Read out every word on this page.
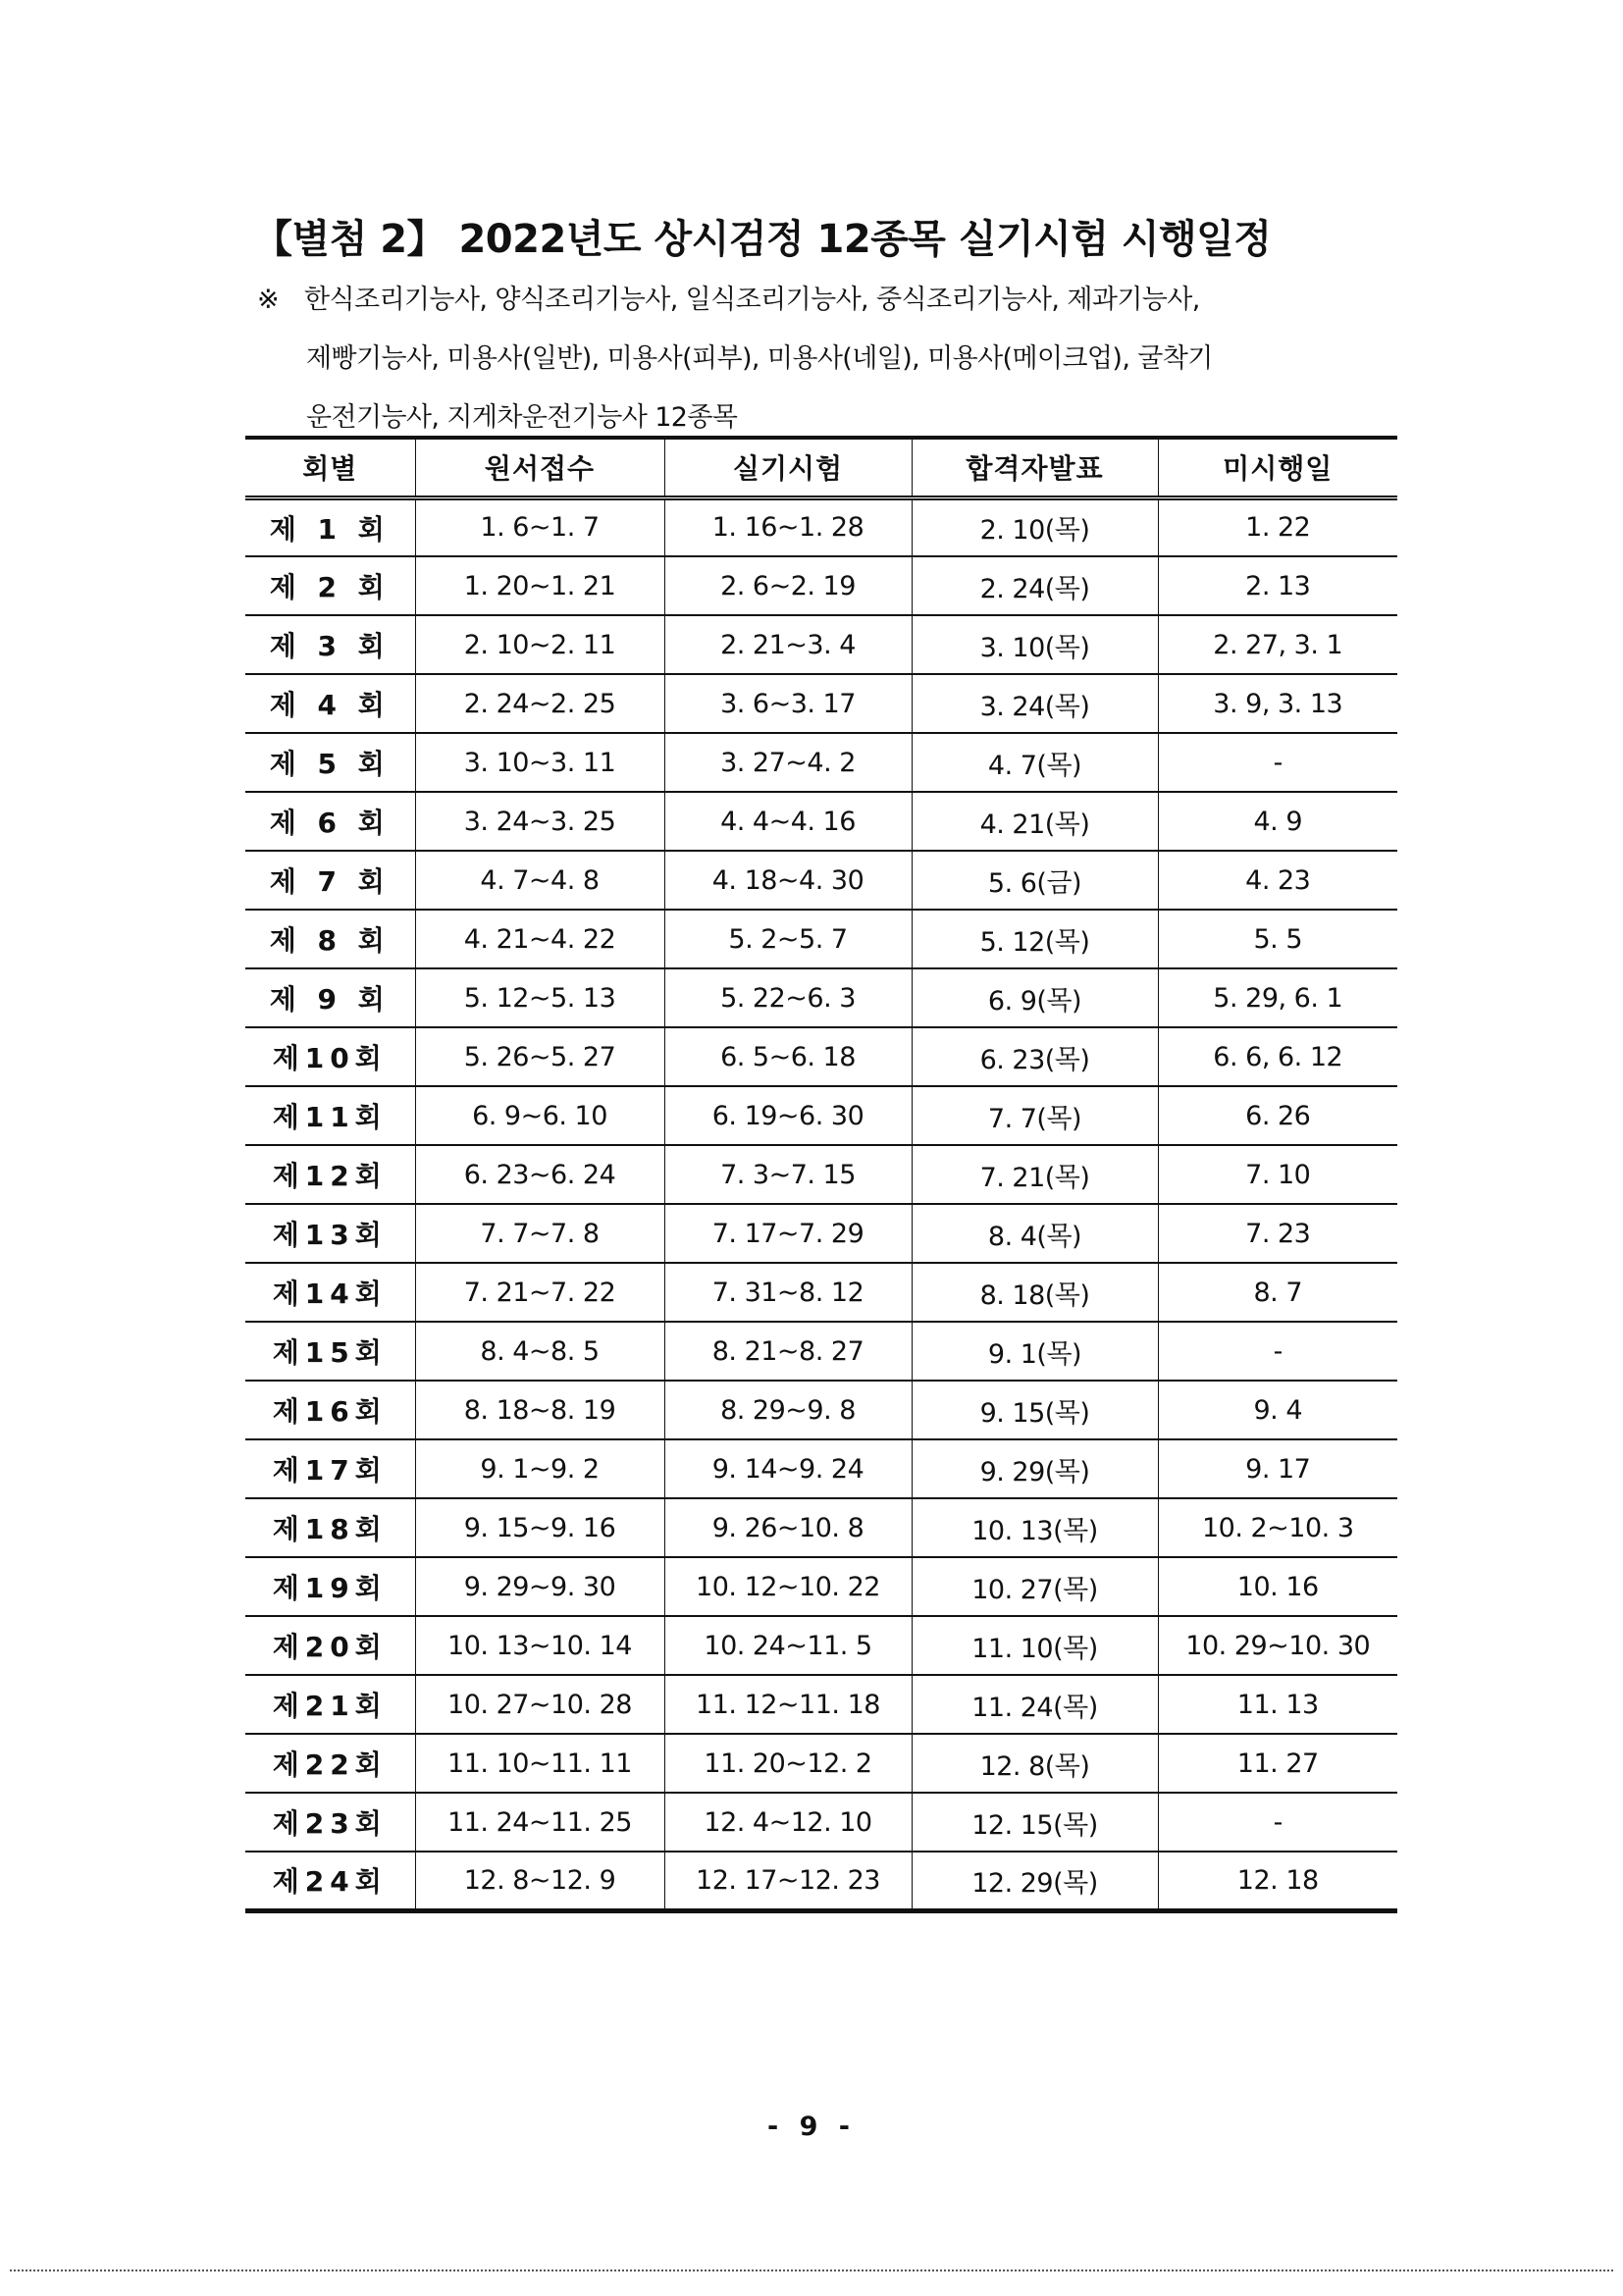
【별첨 2】 2022년도 상시검정 12종목 실기시험 시행일정
※ 한식조리기능사, 양식조리기능사, 일식조리기능사, 중식조리기능사, 제과기능사,
제빵기능사, 미용사(일반), 미용사(피부), 미용사(네일), 미용사(메이크업), 굴착기
운전기능사, 지게차운전기능사 12종목
회별	원서접수	실기시험	합격자발표	미시행일
제 1 회	1. 6~1. 7	1. 16~1. 28	2. 10(목)	1. 22
제 2 회	1. 20~1. 21	2. 6~2. 19	2. 24(목)	2. 13
제 3 회	2. 10~2. 11	2. 21~3. 4	3. 10(목)	2. 27, 3. 1
제 4 회	2. 24~2. 25	3. 6~3. 17	3. 24(목)	3. 9, 3. 13
제 5 회	3. 10~3. 11	3. 27~4. 2	4. 7(목)	-
제 6 회	3. 24~3. 25	4. 4~4. 16	4. 21(목)	4. 9
제 7 회	4. 7~4. 8	4. 18~4. 30	5. 6(금)	4. 23
제 8 회	4. 21~4. 22	5. 2~5. 7	5. 12(목)	5. 5
제 9 회	5. 12~5. 13	5. 22~6. 3	6. 9(목)	5. 29, 6. 1
제10회	5. 26~5. 27	6. 5~6. 18	6. 23(목)	6. 6, 6. 12
제11회	6. 9~6. 10	6. 19~6. 30	7. 7(목)	6. 26
제12회	6. 23~6. 24	7. 3~7. 15	7. 21(목)	7. 10
제13회	7. 7~7. 8	7. 17~7. 29	8. 4(목)	7. 23
제14회	7. 21~7. 22	7. 31~8. 12	8. 18(목)	8. 7
제15회	8. 4~8. 5	8. 21~8. 27	9. 1(목)	-
제16회	8. 18~8. 19	8. 29~9. 8	9. 15(목)	9. 4
제17회	9. 1~9. 2	9. 14~9. 24	9. 29(목)	9. 17
제18회	9. 15~9. 16	9. 26~10. 8	10. 13(목)	10. 2~10. 3
제19회	9. 29~9. 30	10. 12~10. 22	10. 27(목)	10. 16
제20회	10. 13~10. 14	10. 24~11. 5	11. 10(목)	10. 29~10. 30
제21회	10. 27~10. 28	11. 12~11. 18	11. 24(목)	11. 13
제22회	11. 10~11. 11	11. 20~12. 2	12. 8(목)	11. 27
제23회	11. 24~11. 25	12. 4~12. 10	12. 15(목)	-
제24회	12. 8~12. 9	12. 17~12. 23	12. 29(목)	12. 18
- 9 -
